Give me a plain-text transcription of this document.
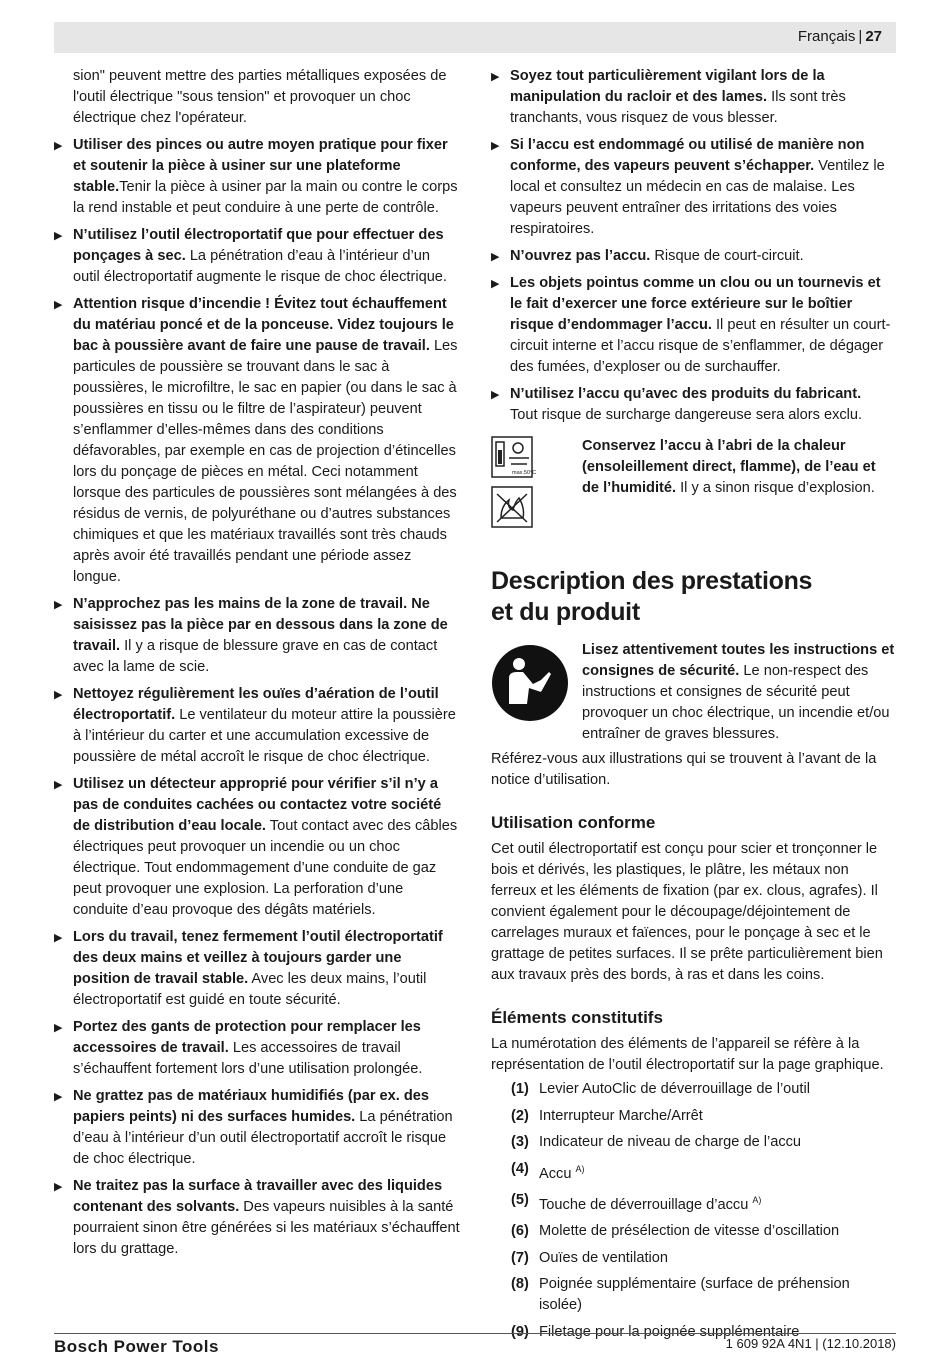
Français | 27
sion" peuvent mettre des parties métalliques exposées de l'outil électrique "sous tension" et provoquer un choc électrique chez l'opérateur.
▶ Utiliser des pinces ou autre moyen pratique pour fixer et soutenir la pièce à usiner sur une plateforme stable.Tenir la pièce à usiner par la main ou contre le corps la rend instable et peut conduire à une perte de contrôle.
▶ N’utilisez l’outil électroportatif que pour effectuer des ponçages à sec. La pénétration d’eau à l’intérieur d’un outil électroportatif augmente le risque de choc électrique.
▶ Attention risque d’incendie ! Évitez tout échauffement du matériau poncé et de la ponceuse. Videz toujours le bac à poussière avant de faire une pause de travail. Les particules de poussière se trouvant dans le sac à poussières, le microfiltre, le sac en papier (ou dans le sac à poussières en tissu ou le filtre de l’aspirateur) peuvent s’enflammer d’elles-mêmes dans des conditions défavorables, par exemple en cas de projection d’étincelles lors du ponçage de pièces en métal. Ceci notamment lorsque des particules de poussières sont mélangées à des résidus de vernis, de polyuréthane ou d’autres substances chimiques et que les matériaux travaillés sont très chauds après avoir été travaillés pendant une période assez longue.
▶ N’approchez pas les mains de la zone de travail. Ne saisissez pas la pièce par en dessous dans la zone de travail. Il y a risque de blessure grave en cas de contact avec la lame de scie.
▶ Nettoyez régulièrement les ouïes d’aération de l’outil électroportatif. Le ventilateur du moteur attire la poussière à l’intérieur du carter et une accumulation excessive de poussière de métal accroît le risque de choc électrique.
▶ Utilisez un détecteur approprié pour vérifier s’il n’y a pas de conduites cachées ou contactez votre société de distribution d’eau locale. Tout contact avec des câbles électriques peut provoquer un incendie ou un choc électrique. Tout endommagement d’une conduite de gaz peut provoquer une explosion. La perforation d’une conduite d’eau provoque des dégâts matériels.
▶ Lors du travail, tenez fermement l’outil électroportatif des deux mains et veillez à toujours garder une position de travail stable. Avec les deux mains, l’outil électroportatif est guidé en toute sécurité.
▶ Portez des gants de protection pour remplacer les accessoires de travail. Les accessoires de travail s’échauffent fortement lors d’une utilisation prolongée.
▶ Ne grattez pas de matériaux humidifiés (par ex. des papiers peints) ni des surfaces humides. La pénétration d’eau à l’intérieur d’un outil électroportatif accroît le risque de choc électrique.
▶ Ne traitez pas la surface à travailler avec des liquides contenant des solvants. Des vapeurs nuisibles à la santé pourraient sinon être générées si les matériaux s’échauffent lors du grattage.
▶ Soyez tout particulièrement vigilant lors de la manipulation du racloir et des lames. Ils sont très tranchants, vous risquez de vous blesser.
▶ Si l’accu est endommagé ou utilisé de manière non conforme, des vapeurs peuvent s’échapper. Ventilez le local et consultez un médecin en cas de malaise. Les vapeurs peuvent entraîner des irritations des voies respiratoires.
▶ N’ouvrez pas l’accu. Risque de court-circuit.
▶ Les objets pointus comme un clou ou un tournevis et le fait d’exercer une force extérieure sur le boîtier risque d’endommager l’accu. Il peut en résulter un court-circuit interne et l’accu risque de s’enflammer, de dégager des fumées, d’exploser ou de surchauffer.
▶ N’utilisez l’accu qu’avec des produits du fabricant.
Tout risque de surcharge dangereuse sera alors exclu.
max.50°C
Conservez l’accu à l’abri de la chaleur (ensoleillement direct, flamme), de l’eau et de l’humidité. Il y a sinon risque d’explosion.
Description des prestations
et du produit
Lisez attentivement toutes les instructions et consignes de sécurité. Le non-respect des instructions et consignes de sécurité peut provoquer un choc électrique, un incendie et/ou entraîner de graves blessures.
Référez-vous aux illustrations qui se trouvent à l’avant de la notice d’utilisation.
Utilisation conforme
Cet outil électroportatif est conçu pour scier et tronçonner le bois et dérivés, les plastiques, le plâtre, les métaux non ferreux et les éléments de fixation (par ex. clous, agrafes). Il convient également pour le découpage/déjointement de carrelages muraux et faïences, pour le ponçage à sec et le grattage de petites surfaces. Il se prête particulièrement bien aux travaux près des bords, à ras et dans les coins.
Éléments constitutifs
La numérotation des éléments de l’appareil se réfère à la représentation de l’outil électroportatif sur la page graphique.
(1) Levier AutoClic de déverrouillage de l’outil
(2) Interrupteur Marche/Arrêt
(3) Indicateur de niveau de charge de l’accu
(4) Accu $^{A)}$
(5) Touche de déverrouillage d’accu $^{A)}$
(6) Molette de présélection de vitesse d’oscillation
(7) Ouïes de ventilation
(8) Poignée supplémentaire (surface de préhension isolée)
(9) Filetage pour la poignée supplémentaire
Bosch Power Tools	1 609 92A 4N1 | (12.10.2018)
